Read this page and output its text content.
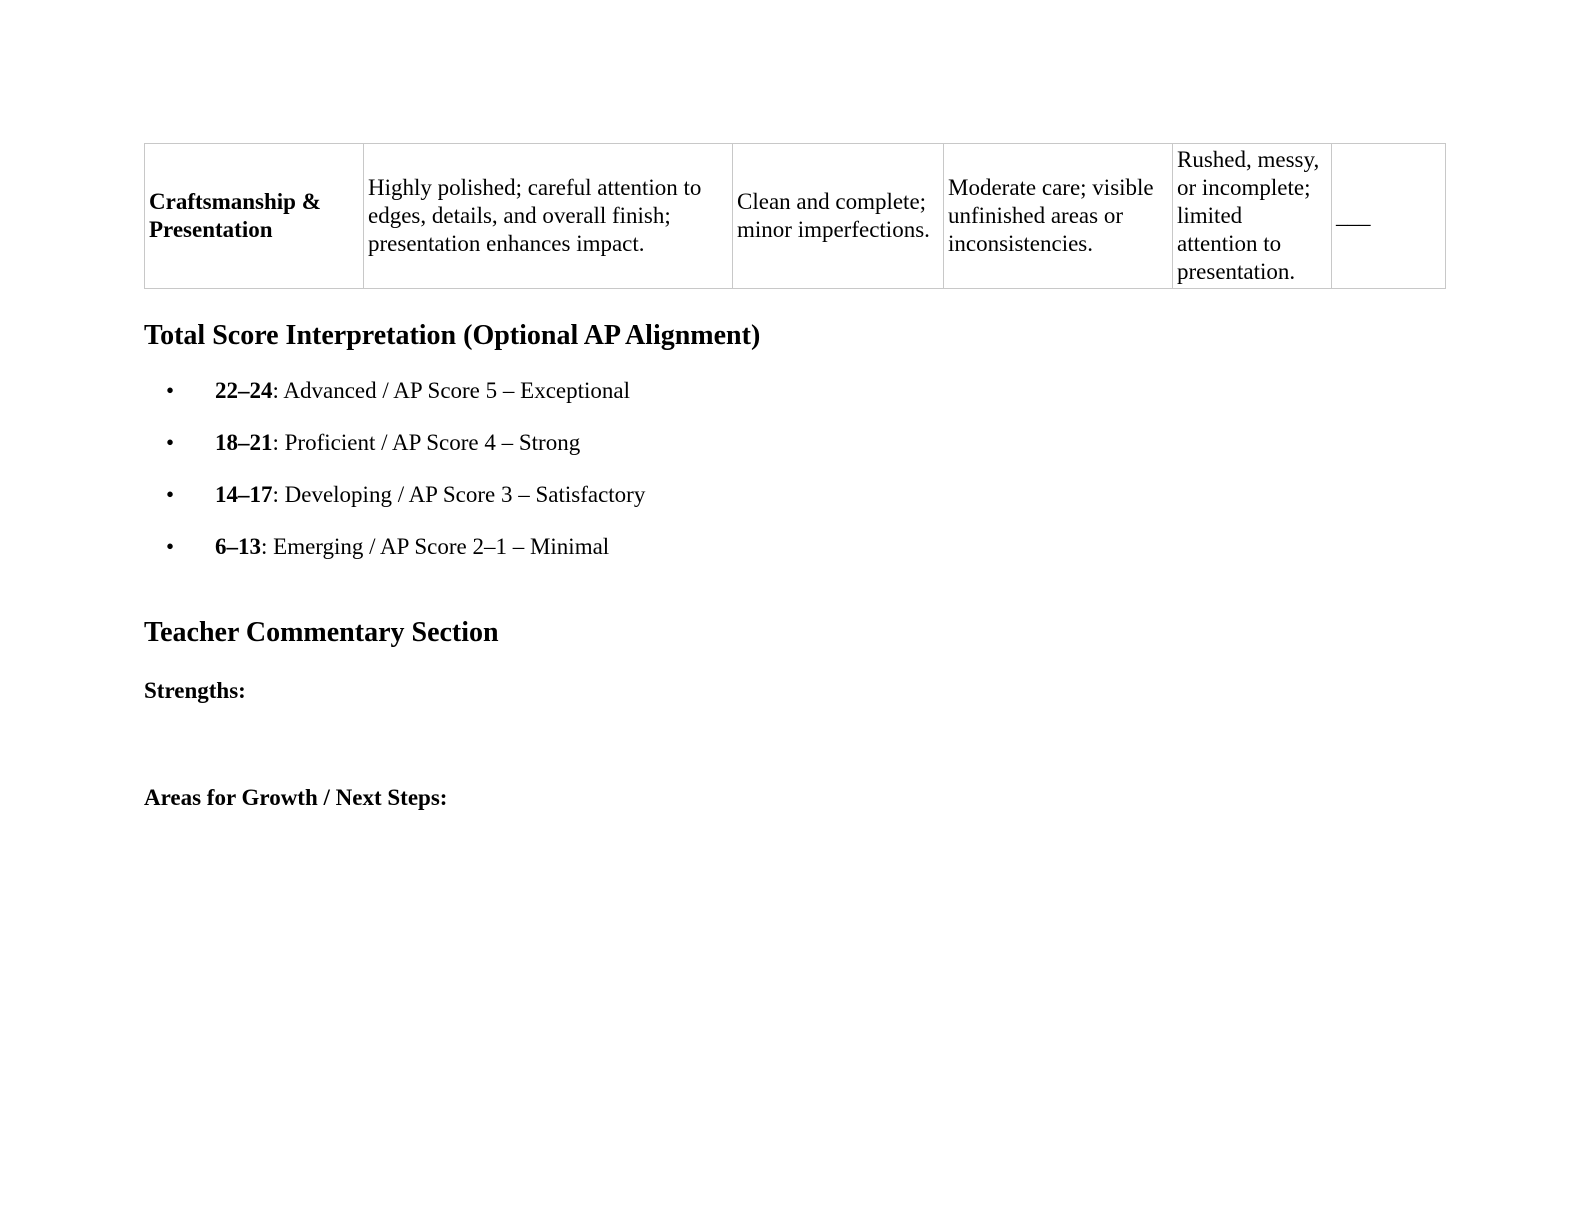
Craftsmanship & Presentation	Highly polished; careful attention to edges, details, and overall finish; presentation enhances impact.	Clean and complete; minor imperfections.	Moderate care; visible unfinished areas or inconsistencies.	Rushed, messy, or incomplete; limited attention to presentation.	___
Total Score Interpretation (Optional AP Alignment)
• 22–24: Advanced / AP Score 5 – Exceptional
• 18–21: Proficient / AP Score 4 – Strong
• 14–17: Developing / AP Score 3 – Satisfactory
• 6–13: Emerging / AP Score 2–1 – Minimal
Teacher Commentary Section

Strengths:

Areas for Growth / Next Steps:
